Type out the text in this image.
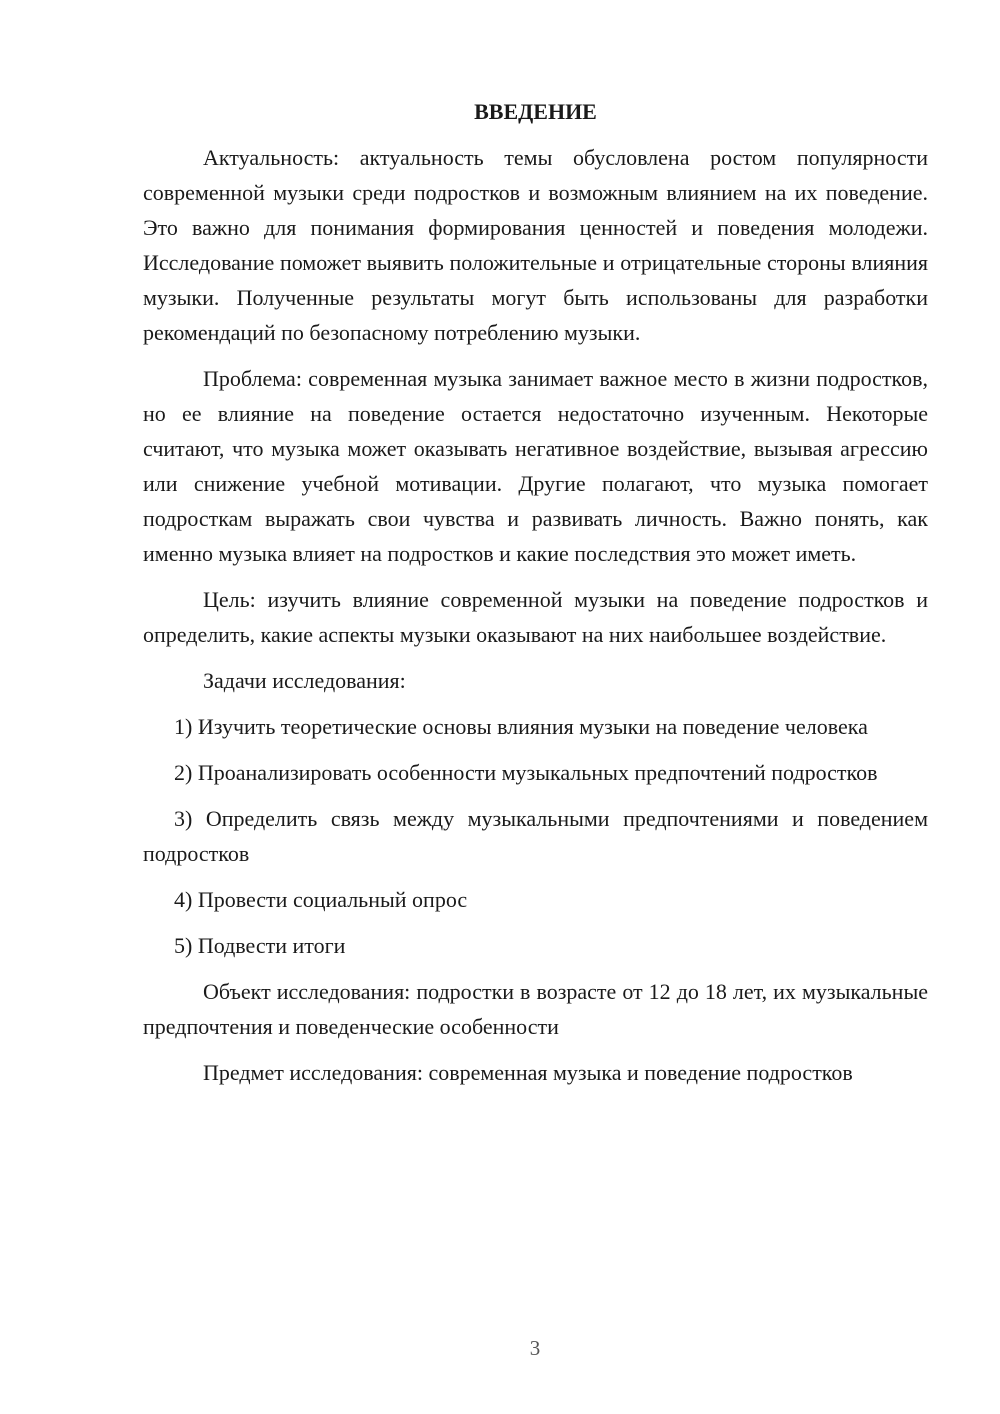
ВВЕДЕНИЕ

Актуальность: актуальность темы обусловлена ростом популярности современной музыки среди подростков и возможным влиянием на их поведение. Это важно для понимания формирования ценностей и поведения молодежи. Исследование поможет выявить положительные и отрицательные стороны влияния музыки. Полученные результаты могут быть использованы для разработки рекомендаций по безопасному потреблению музыки.

Проблема: современная музыка занимает важное место в жизни подростков, но ее влияние на поведение остается недостаточно изученным. Некоторые считают, что музыка может оказывать негативное воздействие, вызывая агрессию или снижение учебной мотивации. Другие полагают, что музыка помогает подросткам выражать свои чувства и развивать личность. Важно понять, как именно музыка влияет на подростков и какие последствия это может иметь.

Цель: изучить влияние современной музыки на поведение подростков и определить, какие аспекты музыки оказывают на них наибольшее воздействие.

Задачи исследования:

1) Изучить теоретические основы влияния музыки на поведение человека

2) Проанализировать особенности музыкальных предпочтений подростков

3) Определить связь между музыкальными предпочтениями и поведением подростков

4) Провести социальный опрос

5) Подвести итоги

Объект исследования: подростки в возрасте от 12 до 18 лет, их музыкальные предпочтения и поведенческие особенности

Предмет исследования: современная музыка и поведение подростков

3
